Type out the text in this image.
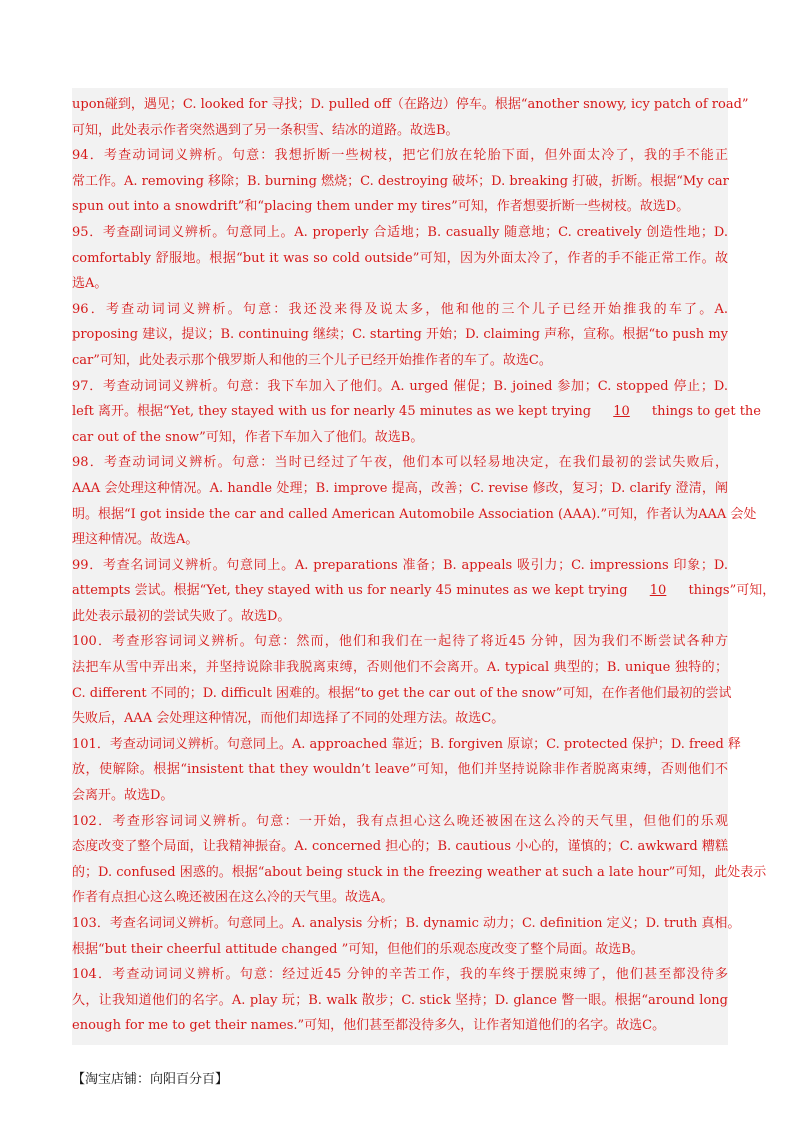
upon碰到，遇见；C. looked for 寻找；D. pulled off（在路边）停车。根据“another snowy, icy patch of road”
可知，此处表示作者突然遇到了另一条积雪、结冰的道路。故选B。
94．考查动词词义辨析。句意：我想折断一些树枝，把它们放在轮胎下面，但外面太冷了，我的手不能正
常工作。A. removing 移除；B. burning 燃烧；C. destroying 破坏；D. breaking 打破，折断。根据“My car
spun out into a snowdrift”和“placing them under my tires”可知，作者想要折断一些树枝。故选D。
95．考查副词词义辨析。句意同上。A. properly 合适地；B. casually 随意地；C. creatively 创造性地；D.
comfortably 舒服地。根据“but it was so cold outside”可知，因为外面太冷了，作者的手不能正常工作。故
选A。
96．考查动词词义辨析。句意：我还没来得及说太多，他和他的三个儿子已经开始推我的车了。A.
proposing 建议，提议；B. continuing 继续；C. starting 开始；D. claiming 声称，宣称。根据“to push my
car”可知，此处表示那个俄罗斯人和他的三个儿子已经开始推作者的车了。故选C。
97．考查动词词义辨析。句意：我下车加入了他们。A. urged 催促；B. joined 参加；C. stopped 停止；D.
left 离开。根据“Yet, they stayed with us for nearly 45 minutes as we kept trying 10 things to get the
car out of the snow”可知，作者下车加入了他们。故选B。
98．考查动词词义辨析。句意：当时已经过了午夜，他们本可以轻易地决定，在我们最初的尝试失败后，
AAA 会处理这种情况。A. handle 处理；B. improve 提高，改善；C. revise 修改，复习；D. clarify 澄清，阐
明。根据“I got inside the car and called American Automobile Association (AAA).”可知，作者认为AAA 会处
理这种情况。故选A。
99．考查名词词义辨析。句意同上。A. preparations 准备；B. appeals 吸引力；C. impressions 印象；D.
attempts 尝试。根据“Yet, they stayed with us for nearly 45 minutes as we kept trying 10 things”可知，
此处表示最初的尝试失败了。故选D。
100．考查形容词词义辨析。句意：然而，他们和我们在一起待了将近45 分钟，因为我们不断尝试各种方
法把车从雪中弄出来，并坚持说除非我脱离束缚，否则他们不会离开。A. typical 典型的；B. unique 独特的；
C. different 不同的；D. difficult 困难的。根据“to get the car out of the snow”可知，在作者他们最初的尝试
失败后，AAA 会处理这种情况，而他们却选择了不同的处理方法。故选C。
101．考查动词词义辨析。句意同上。A. approached 靠近；B. forgiven 原谅；C. protected 保护；D. freed 释
放，使解除。根据“insistent that they wouldn’t leave”可知，他们并坚持说除非作者脱离束缚，否则他们不
会离开。故选D。
102．考查形容词词义辨析。句意：一开始，我有点担心这么晚还被困在这么冷的天气里，但他们的乐观
态度改变了整个局面，让我精神振奋。A. concerned 担心的；B. cautious 小心的，谨慎的；C. awkward 糟糕
的；D. confused 困惑的。根据“about being stuck in the freezing weather at such a late hour”可知，此处表示
作者有点担心这么晚还被困在这么冷的天气里。故选A。
103．考查名词词义辨析。句意同上。A. analysis 分析；B. dynamic 动力；C. definition 定义；D. truth 真相。
根据“but their cheerful attitude changed ”可知，但他们的乐观态度改变了整个局面。故选B。
104．考查动词词义辨析。句意：经过近45 分钟的辛苦工作，我的车终于摆脱束缚了，他们甚至都没待多
久，让我知道他们的名字。A. play 玩；B. walk 散步；C. stick 坚持；D. glance 瞥一眼。根据“around long
enough for me to get their names.”可知，他们甚至都没待多久，让作者知道他们的名字。故选C。
【淘宝店铺：向阳百分百】
